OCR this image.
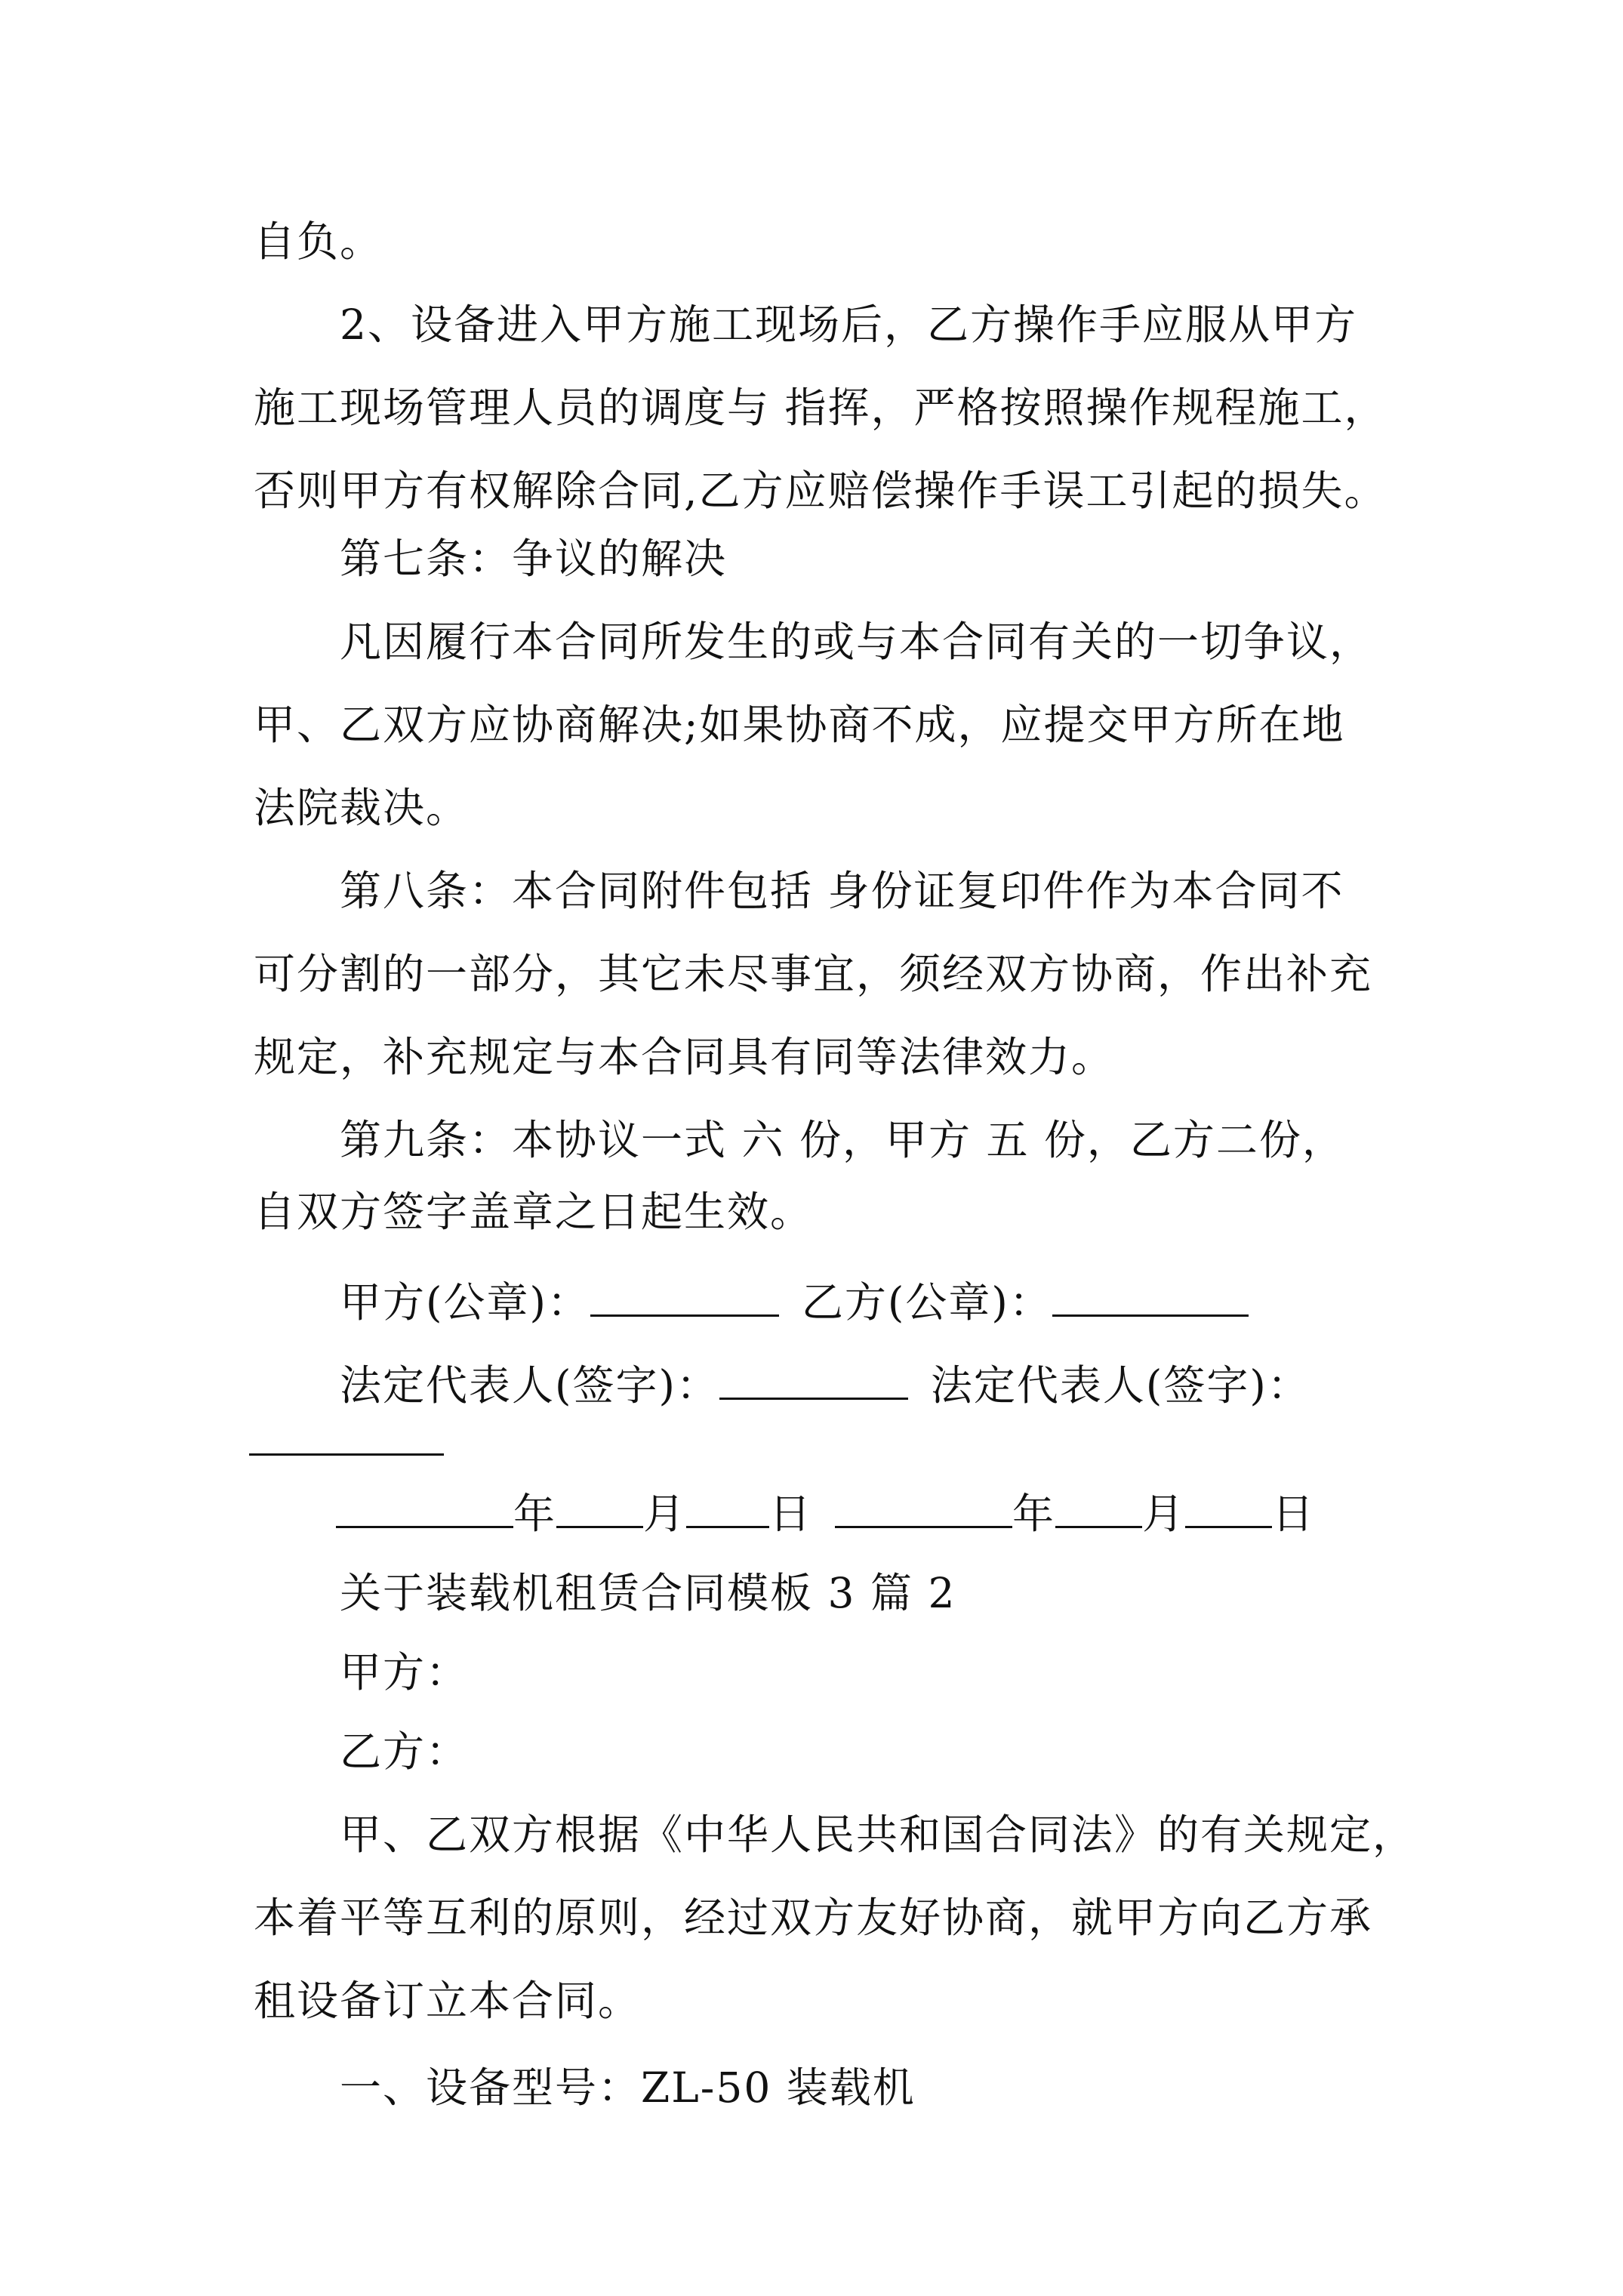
自负。
2、设备进入甲方施工现场后，乙方操作手应服从甲方
施工现场管理人员的调度与 指挥，严格按照操作规程施工，
否则甲方有权解除合同,乙方应赔偿操作手误工引起的损失。
第七条：争议的解决
凡因履行本合同所发生的或与本合同有关的一切争议，
甲、乙双方应协商解决;如果协商不成，应提交甲方所在地
法院裁决。
第八条：本合同附件包括 身份证复印件作为本合同不
可分割的一部分，其它未尽事宜，须经双方协商，作出补充
规定，补充规定与本合同具有同等法律效力。
第九条：本协议一式 六 份，甲方 五 份，乙方二份，
自双方签字盖章之日起生效。
甲方(公章)：	乙方(公章)：
法定代表人(签字)：	法定代表人(签字)：
年 月 日	年 月 日
关于装载机租赁合同模板 3 篇 2
甲方：
乙方：
甲、乙双方根据《中华人民共和国合同法》的有关规定，
本着平等互利的原则，经过双方友好协商，就甲方向乙方承
租设备订立本合同。
一、设备型号：ZL-50 装载机
